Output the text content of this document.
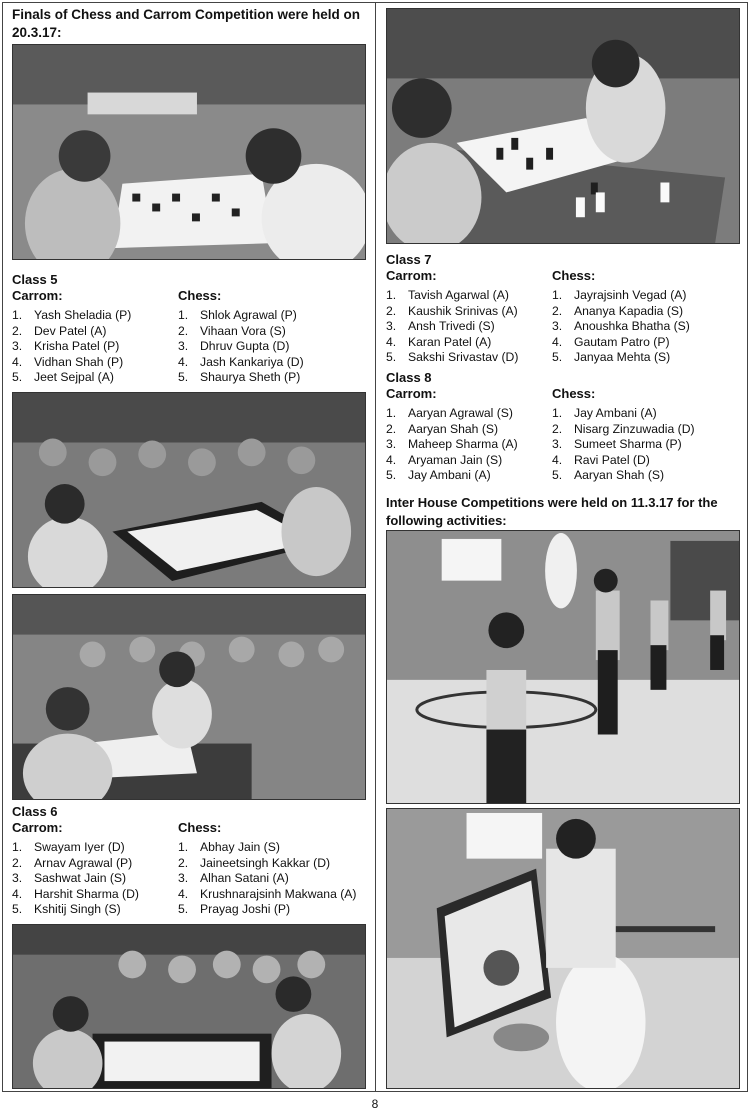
Finals of Chess and Carrom Competition were held on 20.3.17:
Class 5
Carrom:
1. Yash Sheladia (P)
2. Dev Patel (A)
3. Krisha Patel (P)
4. Vidhan Shah (P)
5. Jeet Sejpal (A)
Chess:
1. Shlok Agrawal (P)
2. Vihaan Vora (S)
3. Dhruv Gupta (D)
4. Jash Kankariya (D)
5. Shaurya Sheth (P)
Class 6
Carrom:
1. Swayam Iyer (D)
2. Arnav Agrawal (P)
3. Sashwat Jain (S)
4. Harshit Sharma (D)
5. Kshitij Singh (S)
Chess:
1. Abhay Jain (S)
2. Jaineetsingh Kakkar (D)
3. Alhan Satani (A)
4. Krushnarajsinh Makwana (A)
5. Prayag Joshi (P)
Class 7
Carrom:
1. Tavish Agarwal (A)
2. Kaushik Srinivas (A)
3. Ansh Trivedi (S)
4. Karan Patel (A)
5. Sakshi Srivastav (D)
Chess:
1. Jayrajsinh Vegad (A)
2. Ananya Kapadia (S)
3. Anoushka Bhatha (S)
4. Gautam Patro (P)
5. Janyaa Mehta (S)
Class 8
Carrom:
1. Aaryan Agrawal (S)
2. Aaryan Shah (S)
3. Maheep Sharma (A)
4. Aryaman Jain (S)
5. Jay Ambani (A)
Chess:
1. Jay Ambani (A)
2. Nisarg Zinzuwadia (D)
3. Sumeet Sharma (P)
4. Ravi Patel (D)
5. Aaryan Shah (S)
Inter House Competitions were held on 11.3.17 for the following activities:
8
